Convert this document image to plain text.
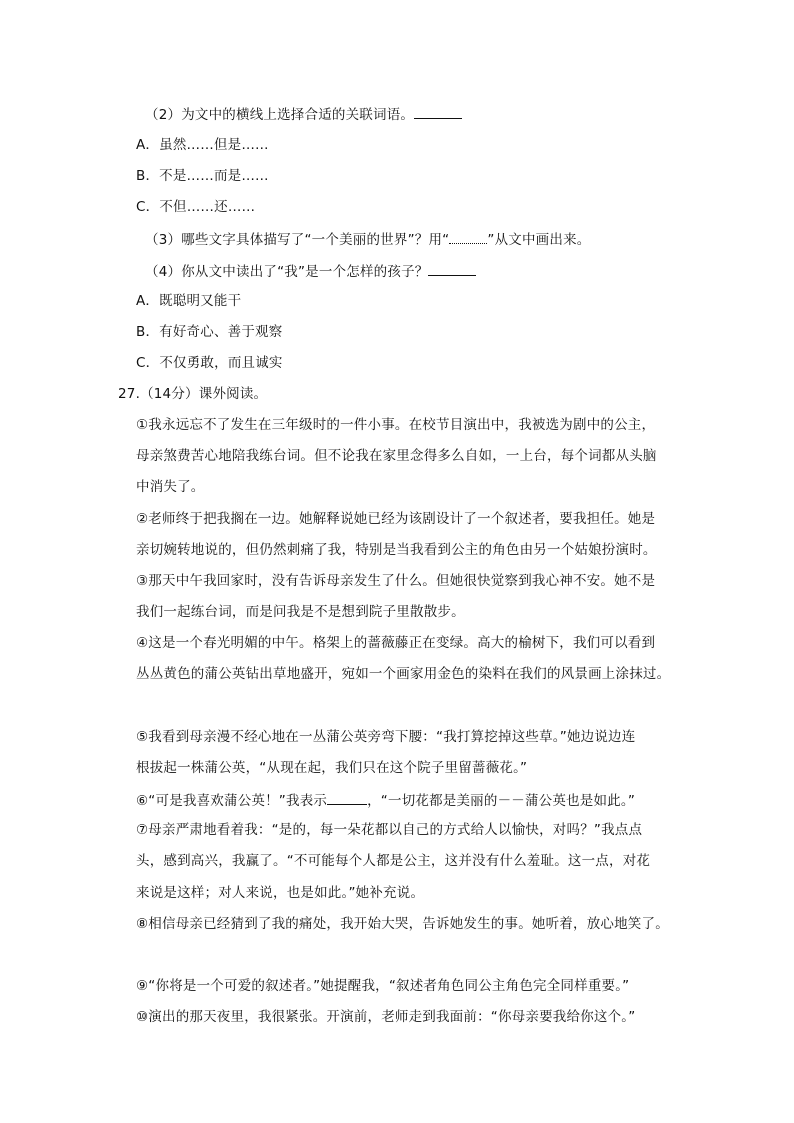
（2）为文中的横线上选择合适的关联词语。
A．虽然……但是……
B．不是……而是……
C．不但……还……
（3）哪些文字具体描写了“一个美丽的世界”？用“	”从文中画出来。
（4）你从文中读出了“我”是一个怎样的孩子？
A．既聪明又能干
B．有好奇心、善于观察
C．不仅勇敢，而且诚实
27.（14分）课外阅读。
①我永远忘不了发生在三年级时的一件小事。在校节目演出中，我被选为剧中的公主，
母亲煞费苦心地陪我练台词。但不论我在家里念得多么自如，一上台，每个词都从头脑
中消失了。
②老师终于把我搁在一边。她解释说她已经为该剧设计了一个叙述者，要我担任。她是
亲切婉转地说的，但仍然刺痛了我，特别是当我看到公主的角色由另一个姑娘扮演时。
③那天中午我回家时，没有告诉母亲发生了什么。但她很快觉察到我心神不安。她不是
我们一起练台词，而是问我是不是想到院子里散散步。
④这是一个春光明媚的中午。格架上的蔷薇藤正在变绿。高大的榆树下，我们可以看到
丛丛黄色的蒲公英钻出草地盛开，宛如一个画家用金色的染料在我们的风景画上涂抹过。
⑤我看到母亲漫不经心地在一丛蒲公英旁弯下腰：“我打算挖掉这些草。”她边说边连
根拔起一株蒲公英，“从现在起，我们只在这个院子里留蔷薇花。”
⑥“可是我喜欢蒲公英！”我表示	，“一切花都是美丽的－－蒲公英也是如此。”
⑦母亲严肃地看着我：“是的，每一朵花都以自己的方式给人以愉快，对吗？”我点点
头，感到高兴，我赢了。“不可能每个人都是公主，这并没有什么羞耻。这一点，对花
来说是这样；对人来说，也是如此。”她补充说。
⑧相信母亲已经猜到了我的痛处，我开始大哭，告诉她发生的事。她听着，放心地笑了。
⑨“你将是一个可爱的叙述者。”她提醒我，“叙述者角色同公主角色完全同样重要。”
⑩演出的那天夜里，我很紧张。开演前，老师走到我面前：“你母亲要我给你这个。”
